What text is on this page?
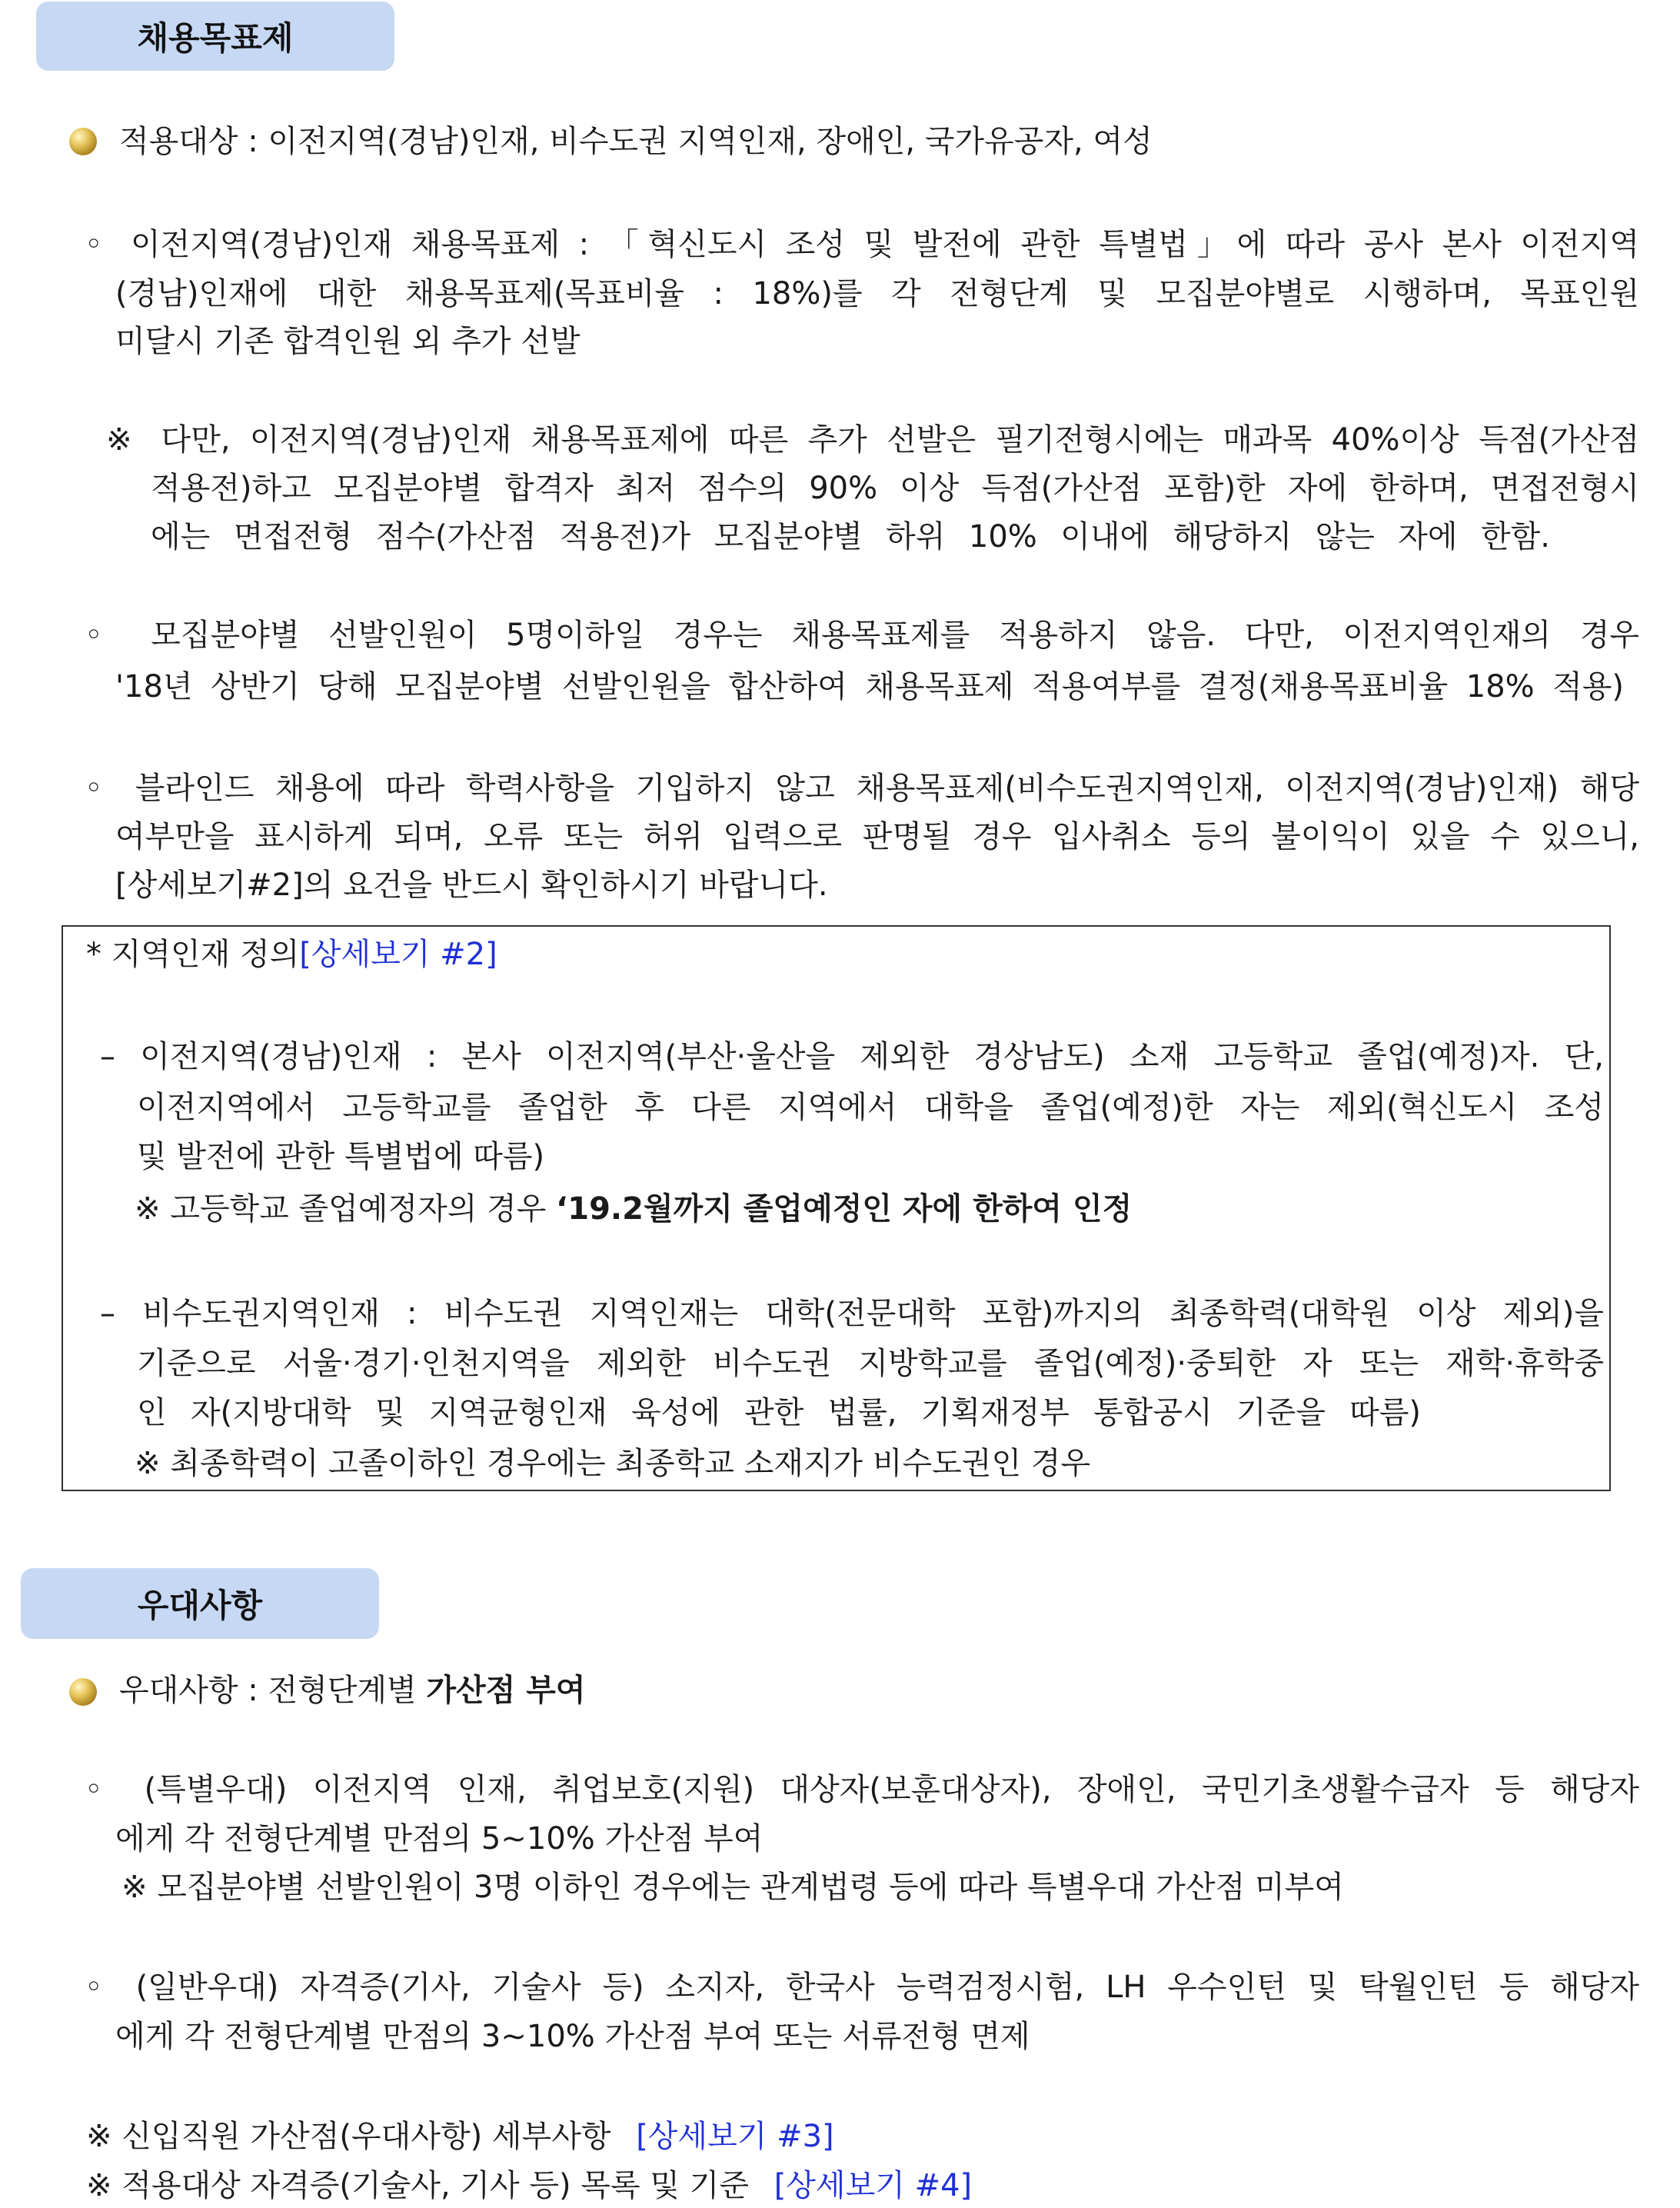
채용목표제
적용대상 : 이전지역(경남)인재, 비수도권 지역인재, 장애인, 국가유공자, 여성
◦ 이전지역(경남)인재 채용목표제 : 「혁신도시 조성 및 발전에 관한 특별법」에 따라 공사 본사 이전지역
(경남)인재에 대한 채용목표제(목표비율 : 18%)를 각 전형단계 및 모집분야별로 시행하며, 목표인원
미달시 기존 합격인원 외 추가 선발
※ 다만, 이전지역(경남)인재 채용목표제에 따른 추가 선발은 필기전형시에는 매과목 40%이상 득점(가산점
적용전)하고 모집분야별 합격자 최저 점수의 90% 이상 득점(가산점 포함)한 자에 한하며, 면접전형시
에는 면접전형 점수(가산점 적용전)가 모집분야별 하위 10% 이내에 해당하지 않는 자에 한함.
◦ 모집분야별 선발인원이 5명이하일 경우는 채용목표제를 적용하지 않음. 다만, 이전지역인재의 경우
'18년 상반기 당해 모집분야별 선발인원을 합산하여 채용목표제 적용여부를 결정(채용목표비율 18% 적용)
◦ 블라인드 채용에 따라 학력사항을 기입하지 않고 채용목표제(비수도권지역인재, 이전지역(경남)인재) 해당
여부만을 표시하게 되며, 오류 또는 허위 입력으로 판명될 경우 입사취소 등의 불이익이 있을 수 있으니,
[상세보기#2]의 요건을 반드시 확인하시기 바랍니다.
* 지역인재 정의[상세보기 #2]
– 이전지역(경남)인재 : 본사 이전지역(부산·울산을 제외한 경상남도) 소재 고등학교 졸업(예정)자. 단,
이전지역에서 고등학교를 졸업한 후 다른 지역에서 대학을 졸업(예정)한 자는 제외(혁신도시 조성
및 발전에 관한 특별법에 따름)
※ 고등학교 졸업예정자의 경우 ‘19.2월까지 졸업예정인 자에 한하여 인정
– 비수도권지역인재 : 비수도권 지역인재는 대학(전문대학 포함)까지의 최종학력(대학원 이상 제외)을
기준으로 서울·경기·인천지역을 제외한 비수도권 지방학교를 졸업(예정)·중퇴한 자 또는 재학·휴학중
인 자(지방대학 및 지역균형인재 육성에 관한 법률, 기획재정부 통합공시 기준을 따름)
※ 최종학력이 고졸이하인 경우에는 최종학교 소재지가 비수도권인 경우
우대사항
우대사항 : 전형단계별 가산점 부여
◦ (특별우대) 이전지역 인재, 취업보호(지원) 대상자(보훈대상자), 장애인, 국민기초생활수급자 등 해당자
에게 각 전형단계별 만점의 5∼10% 가산점 부여
※ 모집분야별 선발인원이 3명 이하인 경우에는 관계법령 등에 따라 특별우대 가산점 미부여
◦ (일반우대) 자격증(기사, 기술사 등) 소지자, 한국사 능력검정시험, LH 우수인턴 및 탁월인턴 등 해당자
에게 각 전형단계별 만점의 3∼10% 가산점 부여 또는 서류전형 면제
※ 신입직원 가산점(우대사항) 세부사항 [상세보기 #3]
※ 적용대상 자격증(기술사, 기사 등) 목록 및 기준 [상세보기 #4]
